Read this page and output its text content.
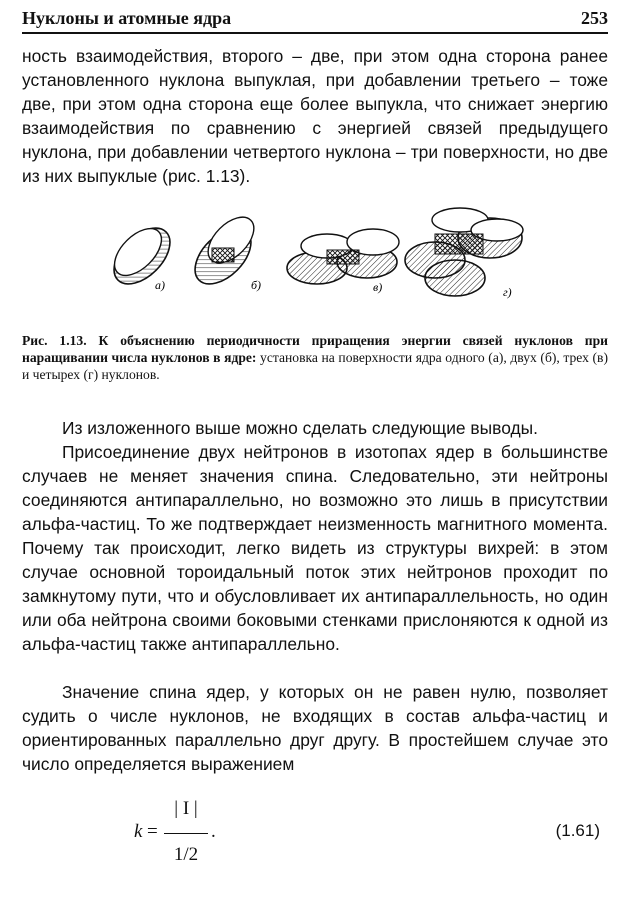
Нуклоны и атомные ядра	253

ность взаимодействия, второго – две, при этом одна сторона ранее установленного нуклона выпуклая, при добавлении третьего – тоже две, при этом одна сторона еще более выпукла, что снижает энергию взаимодействия по сравнению с энергией связей предыдущего нуклона, при добавлении четвертого нуклона – три поверхности, но две из них выпуклые (рис. 1.13).

а)	б)	в)	г)
Рис. 1.13. К объяснению периодичности приращения энергии связей нуклонов при наращивании числа нуклонов в ядре: установка на поверхности ядра одного (а), двух (б), трех (в) и четырех (г) нуклонов.

Из изложенного выше можно сделать следующие выводы.

Присоединение двух нейтронов в изотопах ядер в большинстве случаев не меняет значения спина. Следовательно, эти нейтроны соединяются антипараллельно, но возможно это лишь в присутствии альфа-частиц. То же подтверждает неизменность магнитного момента. Почему так происходит, легко видеть из структуры вихрей: в этом случае основной тороидальный поток этих нейтронов проходит по замкнутому пути, что и обусловливает их антипараллельность, но один или оба нейтрона своими боковыми стенками прислоняются к одной из альфа-частиц также антипараллельно.

Значение спина ядер, у которых он не равен нулю, позволяет судить о числе нуклонов, не входящих в состав альфа-частиц и ориентированных параллельно друг другу. В простейшем случае это число определяется выражением

k =
| I |
1/2
.	(1.61)
